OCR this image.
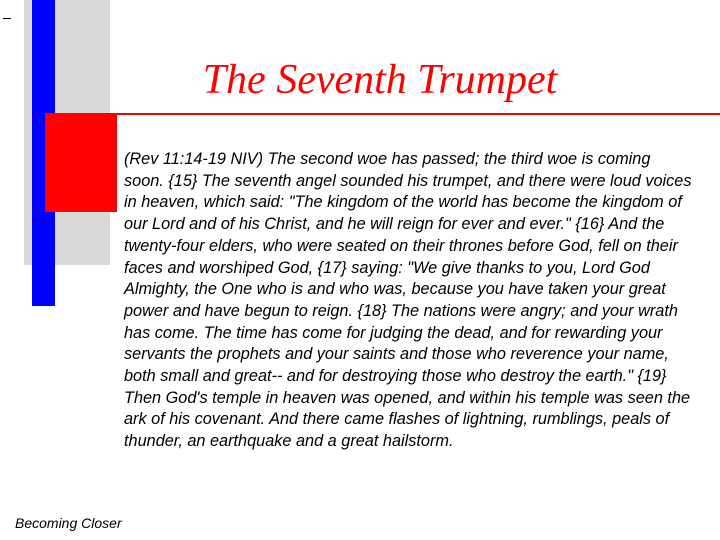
The Seventh Trumpet
(Rev 11:14-19 NIV) The second woe has passed; the third woe is coming soon. {15} The seventh angel sounded his trumpet, and there were loud voices in heaven, which said: "The kingdom of the world has become the kingdom of our Lord and of his Christ, and he will reign for ever and ever." {16} And the twenty-four elders, who were seated on their thrones before God, fell on their faces and worshiped God, {17} saying: "We give thanks to you, Lord God Almighty, the One who is and who was, because you have taken your great power and have begun to reign. {18} The nations were angry; and your wrath has come. The time has come for judging the dead, and for rewarding your servants the prophets and your saints and those who reverence your name, both small and great-- and for destroying those who destroy the earth." {19} Then God's temple in heaven was opened, and within his temple was seen the ark of his covenant. And there came flashes of lightning, rumblings, peals of thunder, an earthquake and a great hailstorm.
Becoming Closer
